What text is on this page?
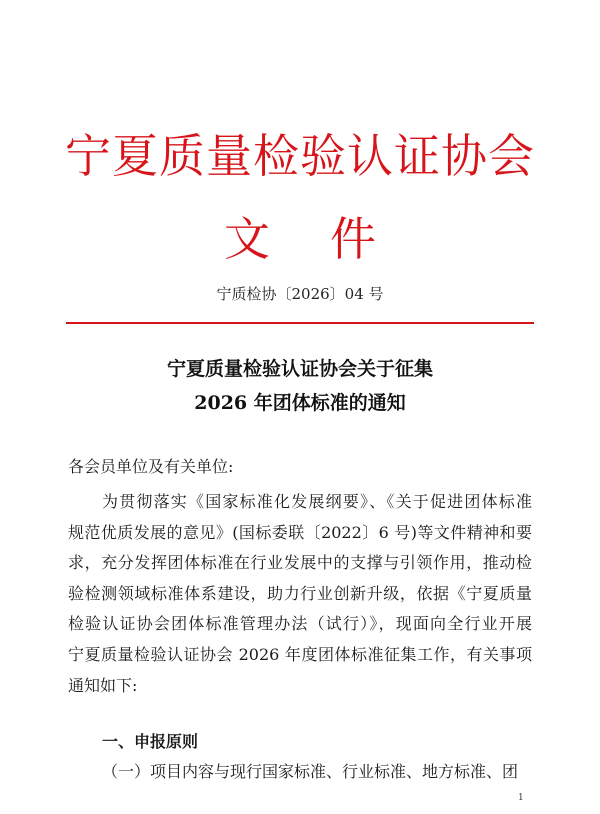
宁夏质量检验认证协会
文件
宁质检协〔2026〕04 号
宁夏质量检验认证协会关于征集
2026 年团体标准的通知
各会员单位及有关单位:
为贯彻落实《国家标准化发展纲要》、《关于促进团体标准
规范优质发展的意见》(国标委联〔2022〕6 号)等文件精神和要
求，充分发挥团体标准在行业发展中的支撑与引领作用，推动检
验检测领域标准体系建设，助力行业创新升级，依据《宁夏质量
检验认证协会团体标准管理办法（试行）》，现面向全行业开展
宁夏质量检验认证协会 2026 年度团体标准征集工作，有关事项
通知如下:
一、申报原则
（一）项目内容与现行国家标准、行业标准、地方标准、团
1
